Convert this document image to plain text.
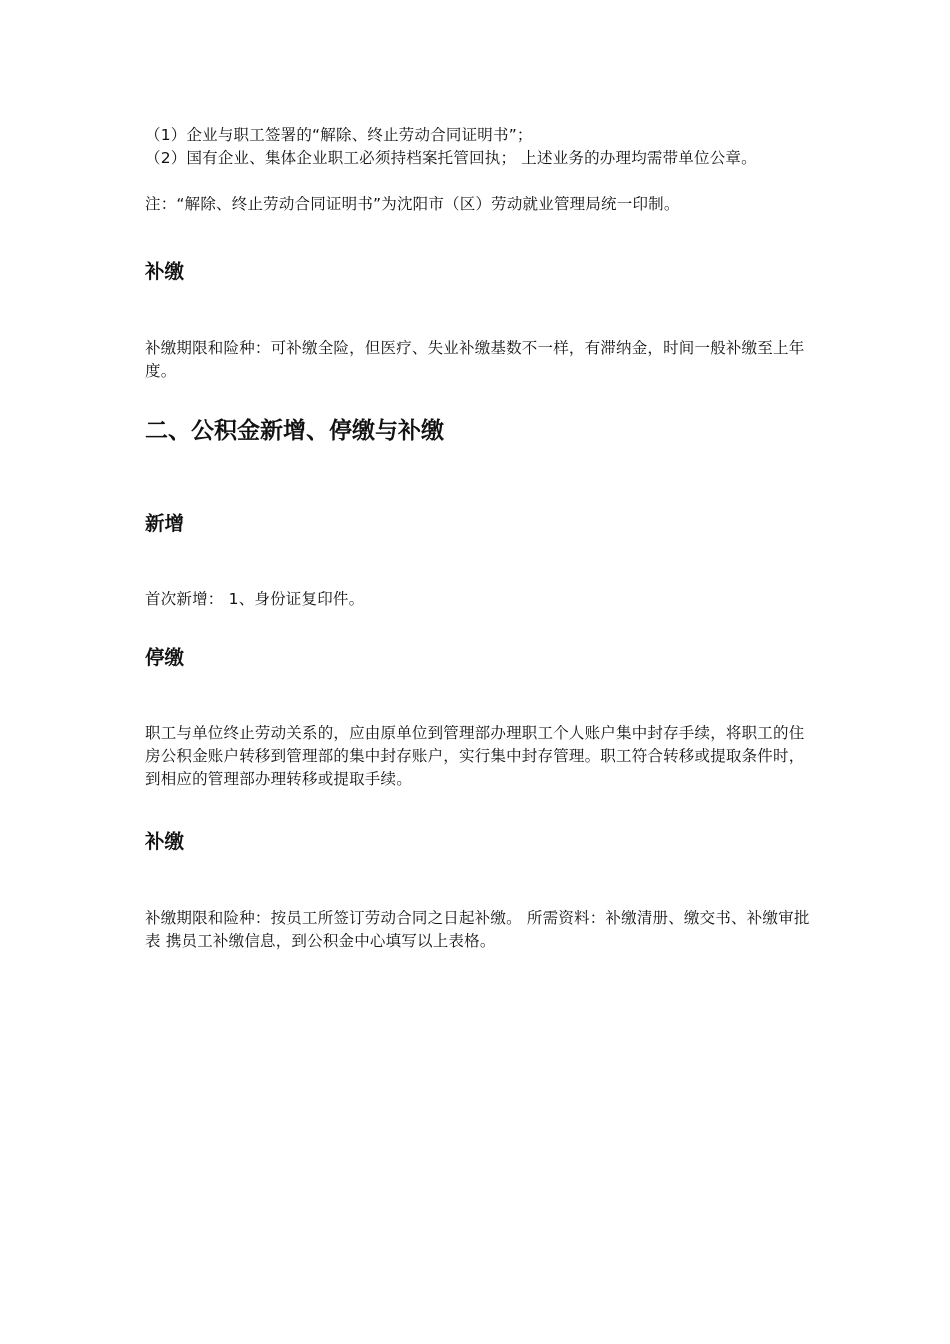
（1）企业与职工签署的“解除、终止劳动合同证明书”；

（2）国有企业、集体企业职工必须持档案托管回执； 上述业务的办理均需带单位公章。

注：“解除、终止劳动合同证明书”为沈阳市（区）劳动就业管理局统一印制。

补缴

补缴期限和险种：可补缴全险，但医疗、失业补缴基数不一样，有滞纳金，时间一般补缴至上年度。

二、公积金新增、停缴与补缴
新增

首次新增： 1、身份证复印件。

停缴

职工与单位终止劳动关系的，应由原单位到管理部办理职工个人账户集中封存手续，将职工的住房公积金账户转移到管理部的集中封存账户，实行集中封存管理。职工符合转移或提取条件时，到相应的管理部办理转移或提取手续。

补缴

补缴期限和险种：按员工所签订劳动合同之日起补缴。 所需资料：补缴清册、缴交书、补缴审批表 携员工补缴信息，到公积金中心填写以上表格。
